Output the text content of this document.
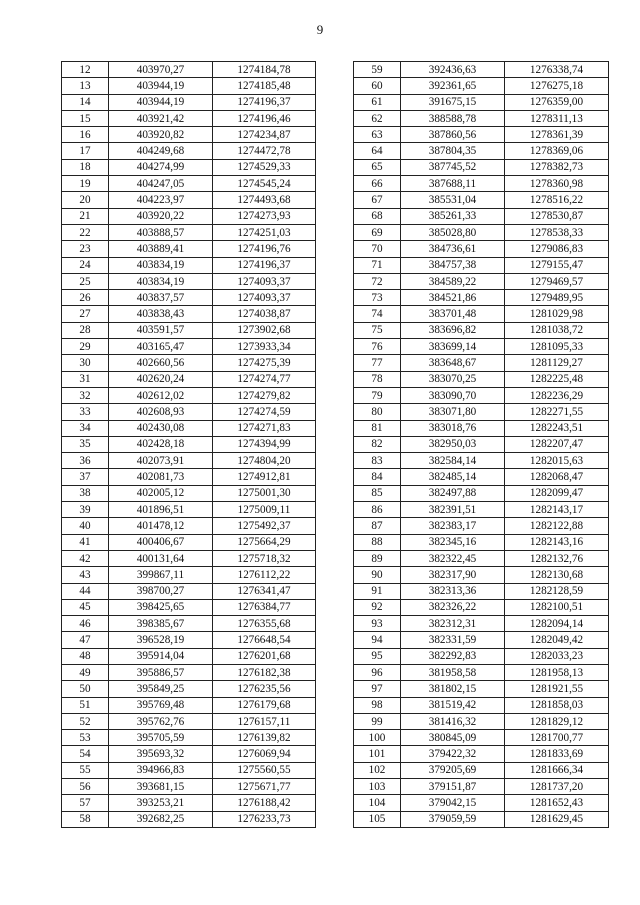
9
12	403970,27	1274184,78
13	403944,19	1274185,48
14	403944,19	1274196,37
15	403921,42	1274196,46
16	403920,82	1274234,87
17	404249,68	1274472,78
18	404274,99	1274529,33
19	404247,05	1274545,24
20	404223,97	1274493,68
21	403920,22	1274273,93
22	403888,57	1274251,03
23	403889,41	1274196,76
24	403834,19	1274196,37
25	403834,19	1274093,37
26	403837,57	1274093,37
27	403838,43	1274038,87
28	403591,57	1273902,68
29	403165,47	1273933,34
30	402660,56	1274275,39
31	402620,24	1274274,77
32	402612,02	1274279,82
33	402608,93	1274274,59
34	402430,08	1274271,83
35	402428,18	1274394,99
36	402073,91	1274804,20
37	402081,73	1274912,81
38	402005,12	1275001,30
39	401896,51	1275009,11
40	401478,12	1275492,37
41	400406,67	1275664,29
42	400131,64	1275718,32
43	399867,11	1276112,22
44	398700,27	1276341,47
45	398425,65	1276384,77
46	398385,67	1276355,68
47	396528,19	1276648,54
48	395914,04	1276201,68
49	395886,57	1276182,38
50	395849,25	1276235,56
51	395769,48	1276179,68
52	395762,76	1276157,11
53	395705,59	1276139,82
54	395693,32	1276069,94
55	394966,83	1275560,55
56	393681,15	1275671,77
57	393253,21	1276188,42
58	392682,25	1276233,73
59	392436,63	1276338,74
60	392361,65	1276275,18
61	391675,15	1276359,00
62	388588,78	1278311,13
63	387860,56	1278361,39
64	387804,35	1278369,06
65	387745,52	1278382,73
66	387688,11	1278360,98
67	385531,04	1278516,22
68	385261,33	1278530,87
69	385028,80	1278538,33
70	384736,61	1279086,83
71	384757,38	1279155,47
72	384589,22	1279469,57
73	384521,86	1279489,95
74	383701,48	1281029,98
75	383696,82	1281038,72
76	383699,14	1281095,33
77	383648,67	1281129,27
78	383070,25	1282225,48
79	383090,70	1282236,29
80	383071,80	1282271,55
81	383018,76	1282243,51
82	382950,03	1282207,47
83	382584,14	1282015,63
84	382485,14	1282068,47
85	382497,88	1282099,47
86	382391,51	1282143,17
87	382383,17	1282122,88
88	382345,16	1282143,16
89	382322,45	1282132,76
90	382317,90	1282130,68
91	382313,36	1282128,59
92	382326,22	1282100,51
93	382312,31	1282094,14
94	382331,59	1282049,42
95	382292,83	1282033,23
96	381958,58	1281958,13
97	381802,15	1281921,55
98	381519,42	1281858,03
99	381416,32	1281829,12
100	380845,09	1281700,77
101	379422,32	1281833,69
102	379205,69	1281666,34
103	379151,87	1281737,20
104	379042,15	1281652,43
105	379059,59	1281629,45
